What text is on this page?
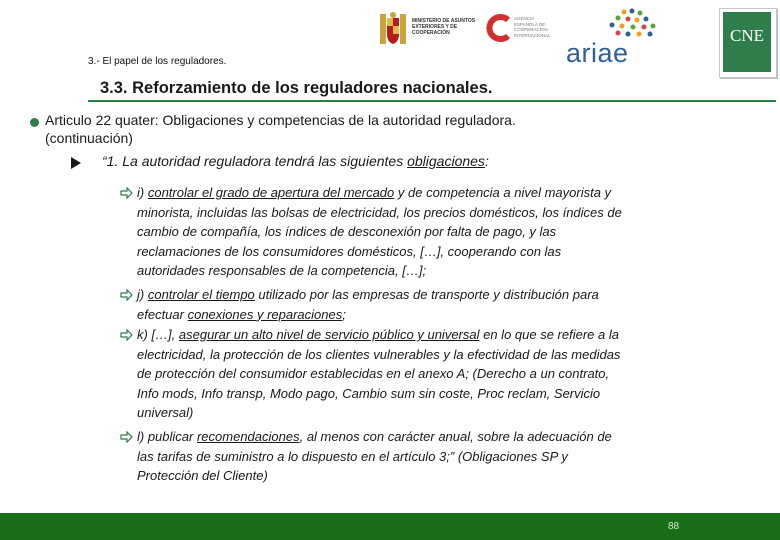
MINISTERIO DE ASUNTOS EXTERIORES Y DE COOPERACIÓN
AGENCIA ESPAÑOLA DE COOPERACIÓN INTERNACIONAL
ariae
CNE
3.- El papel de los reguladores.
3.3. Reforzamiento de los reguladores nacionales.
Articulo 22 quater: Obligaciones y competencias de la autoridad reguladora.
(continuación)
“1. La autoridad reguladora tendrá las siguientes obligaciones:
i) controlar el grado de apertura del mercado y de competencia a nivel mayorista y
minorista, incluidas las bolsas de electricidad, los precios domésticos, los índices de
cambio de compañía, los índices de desconexión por falta de pago, y las
reclamaciones de los consumidores domésticos, […], cooperando con las
autoridades responsables de la competencia, […];
j) controlar el tiempo utilizado por las empresas de transporte y distribución para
efectuar conexiones y reparaciones;
k) […], asegurar un alto nivel de servicio público y universal en lo que se refiere a la
electricidad, la protección de los clientes vulnerables y la efectividad de las medidas
de protección del consumidor establecidas en el anexo A; (Derecho a un contrato,
Info mods, Info transp, Modo pago, Cambio sum sin coste, Proc reclam, Servicio
universal)
l) publicar recomendaciones, al menos con carácter anual, sobre la adecuación de
las tarifas de suministro a lo dispuesto en el artículo 3;” (Obligaciones SP y
Protección del Cliente)
88
